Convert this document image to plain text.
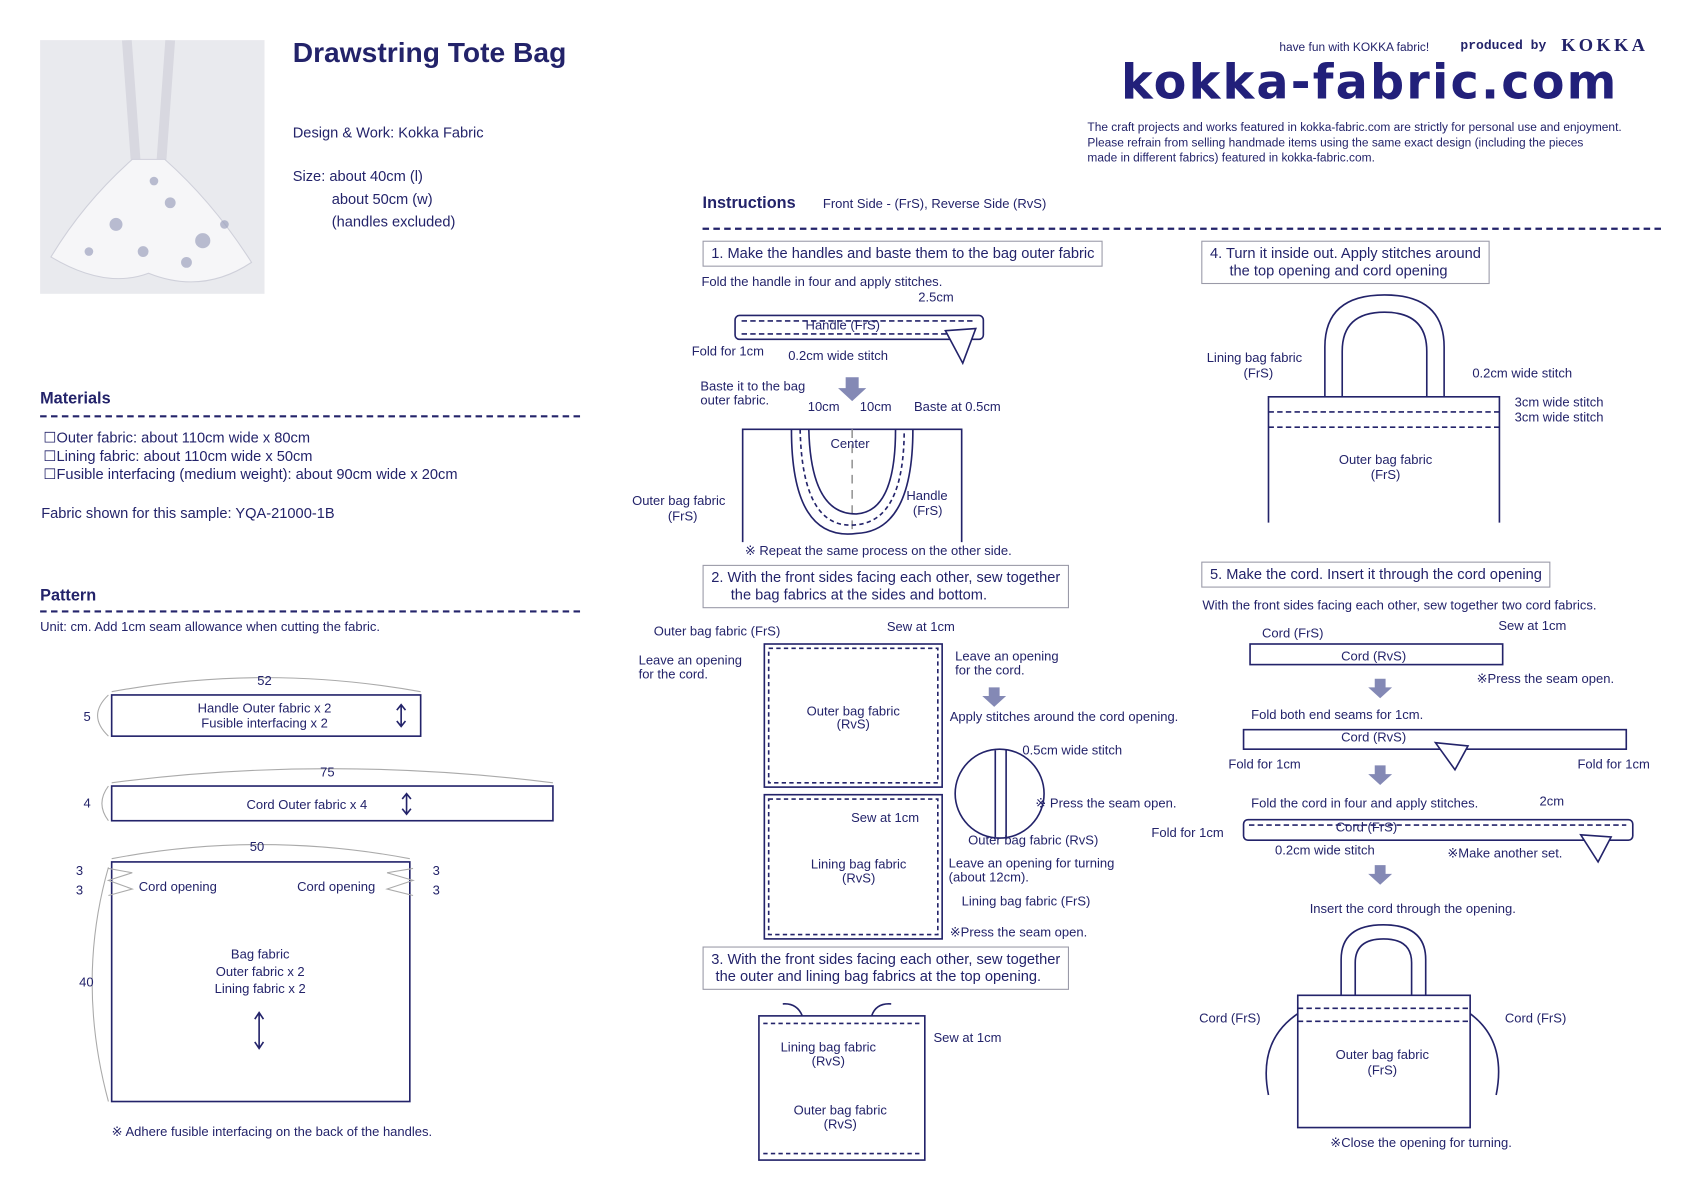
Drawstring Tote Bag
kokka-fabric.com
Materials
Pattern
Instructions
1. Make the handles and baste them to the bag outer fabric
2. With the front sides facing each other, sew together
the bag fabrics at the sides and bottom.
3. With the front sides facing each other, sew together
the outer and lining bag fabrics at the top opening.
4. Turn it inside out. Apply stitches around
the top opening and cord opening
5. Make the cord. Insert it through the cord opening
Design & Work: Kokka Fabric
Size: about 40cm (l)
about 50cm (w)
(handles excluded)
have fun with KOKKA fabric!
The craft projects and works featured in kokka-fabric.com are strictly for personal use and enjoyment.
Please refrain from selling handmade items using the same exact design (including the pieces
made in different fabrics) featured in kokka-fabric.com.
☐Outer fabric: about 110cm wide x 80cm
☐Lining fabric: about 110cm wide x 50cm
☐Fusible interfacing (medium weight): about 90cm wide x 20cm
Fabric shown for this sample: YQA-21000-1B
Unit: cm. Add 1cm seam allowance when cutting the fabric.
52
5
Handle Outer fabric x 2
Fusible interfacing x 2
75
4	Cord Outer fabric x 4
50
40
3
3
3
3
Cord opening	Cord opening
Bag fabric
Outer fabric x 2
Lining fabric x 2
※ Adhere fusible interfacing on the back of the handles.
Front Side - (FrS), Reverse Side (RvS)
Fold the handle in four and apply stitches.
2.5cm
Handle (FrS)
Fold for 1cm 0.2cm wide stitch
Baste it to the bag
outer fabric.	10cm 10cm Baste at 0.5cm
Center
Outer bag fabric
(FrS)
Handle
(FrS)
※ Repeat the same process on the other side.
Outer bag fabric (FrS)	Sew at 1cm
Leave an opening
for the cord.
Leave an opening
for the cord.
Outer bag fabric
(RvS)	Apply stitches around the cord opening.
0.5cm wide stitch
※ Press the seam open.
Outer bag fabric (RvS)
Sew at 1cm
Lining bag fabric
(RvS)
Leave an opening for turning
(about 12cm).
Lining bag fabric (FrS)
※Press the seam open.
Lining bag fabric
(RvS)
Sew at 1cm
Outer bag fabric
(RvS)
Lining bag fabric
(FrS)	0.2cm wide stitch
3cm wide stitch
3cm wide stitch
Outer bag fabric
(FrS)
With the front sides facing each other, sew together two cord fabrics.
Cord (FrS)	Sew at 1cm
Cord (RvS)
※Press the seam open.
Fold both end seams for 1cm.
Cord (RvS)
Fold for 1cm	Fold for 1cm
Fold the cord in four and apply stitches.	2cm
Cord (FrS)
Fold for 1cm
0.2cm wide stitch	※Make another set.
Insert the cord through the opening.
Cord (FrS)	Cord (FrS)
Outer bag fabric
(FrS)
※Close the opening for turning.
produced by KOKKA
